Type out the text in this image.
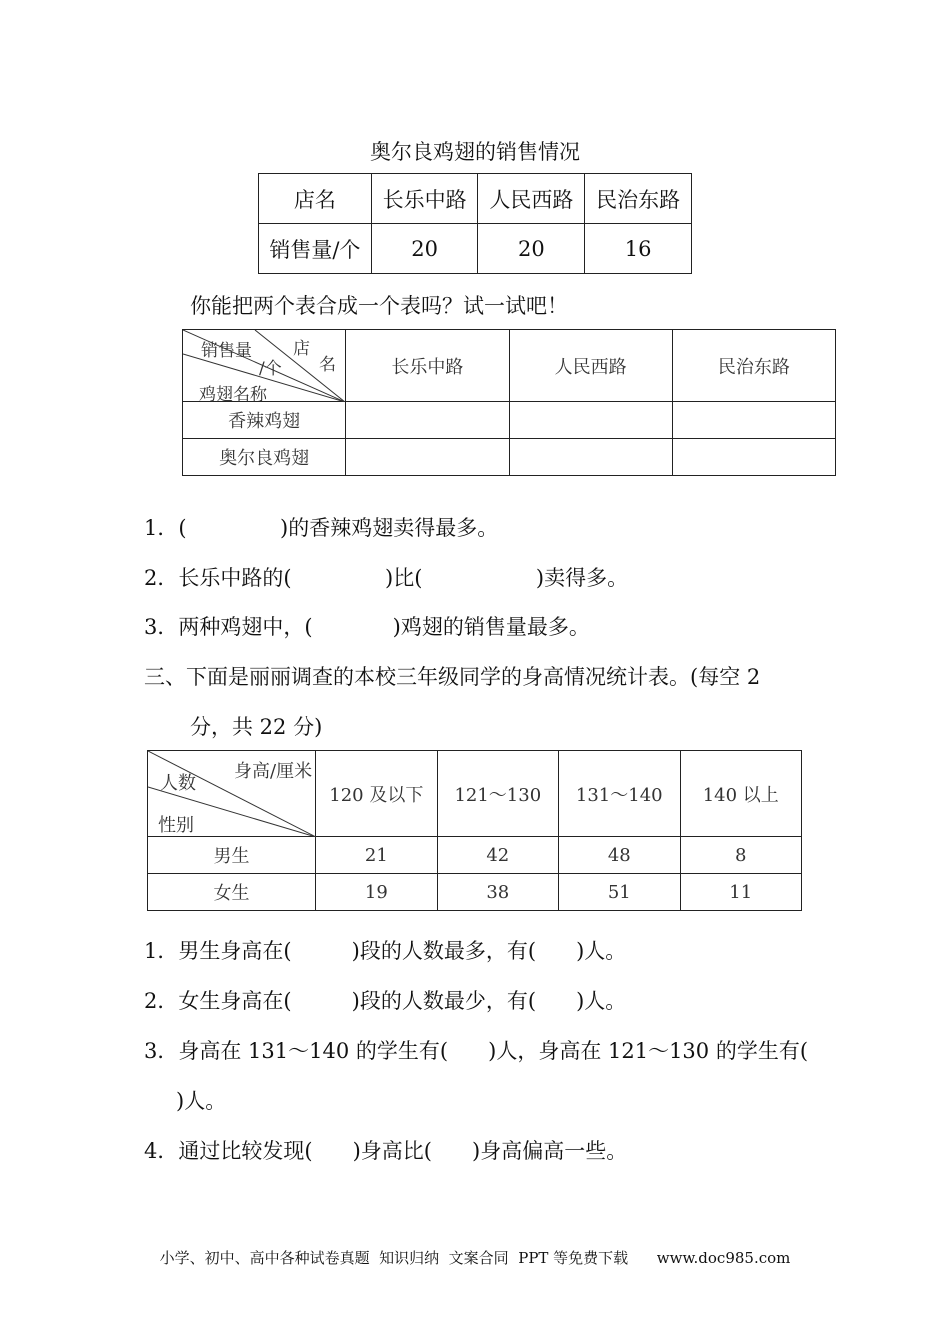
奥尔良鸡翅的销售情况
店名	长乐中路	人民西路	民治东路
销售量/个	20	20	16
你能把两个表合成一个表吗？试一试吧！
销售量
/个
店
名
鸡翅名称	长乐中路	人民西路	民治东路
香辣鸡翅			
奥尔良鸡翅			
1．(              )的香辣鸡翅卖得最多。
2．长乐中路的(              )比(                 )卖得多。
3．两种鸡翅中，(            )鸡翅的销售量最多。
三、下面是丽丽调查的本校三年级同学的身高情况统计表。(每空 2
分，共 22 分)
身高/厘米
人数
性别	120 及以下	121～130	131～140	140 以上
男生	21	42	48	8
女生	19	38	51	11
1．男生身高在(         )段的人数最多，有(      )人。
2．女生身高在(         )段的人数最少，有(      )人。
3．身高在 131～140 的学生有(      )人，身高在 121～130 的学生有(
)人。
4．通过比较发现(      )身高比(      )身高偏高一些。
小学、初中、高中各种试卷真题  知识归纳  文案合同  PPT 等免费下载      www.doc985.com
